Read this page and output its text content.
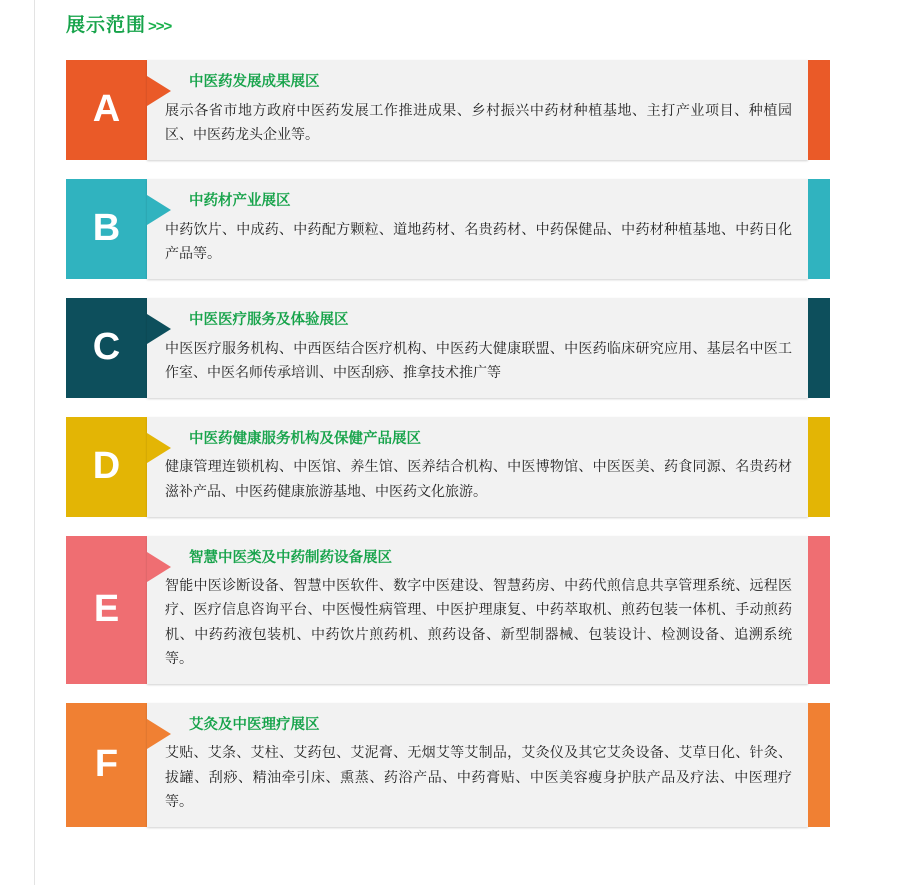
展示范围 >>>
A
中医药发展成果展区
展示各省市地方政府中医药发展工作推进成果、乡村振兴中药材种植基地、主打产业项目、种植园区、中医药龙头企业等。
B
中药材产业展区
中药饮片、中成药、中药配方颗粒、道地药材、名贵药材、中药保健品、中药材种植基地、中药日化产品等。
C
中医医疗服务及体验展区
中医医疗服务机构、中西医结合医疗机构、中医药大健康联盟、中医药临床研究应用、基层名中医工作室、中医名师传承培训、中医刮痧、推拿技术推广等
D
中医药健康服务机构及保健产品展区
健康管理连锁机构、中医馆、养生馆、医养结合机构、中医博物馆、中医医美、药食同源、名贵药材滋补产品、中医药健康旅游基地、中医药文化旅游。
E
智慧中医类及中药制药设备展区
智能中医诊断设备、智慧中医软件、数字中医建设、智慧药房、中药代煎信息共享管理系统、远程医疗、医疗信息咨询平台、中医慢性病管理、中医护理康复、中药萃取机、煎药包装一体机、手动煎药机、中药药液包装机、中药饮片煎药机、煎药设备、新型制器械、包装设计、检测设备、追溯系统等。
F
艾灸及中医理疗展区
艾贴、艾条、艾柱、艾药包、艾泥膏、无烟艾等艾制品，艾灸仪及其它艾灸设备、艾草日化、针灸、拔罐、刮痧、精油牵引床、熏蒸、药浴产品、中药膏贴、中医美容瘦身护肤产品及疗法、中医理疗等。
